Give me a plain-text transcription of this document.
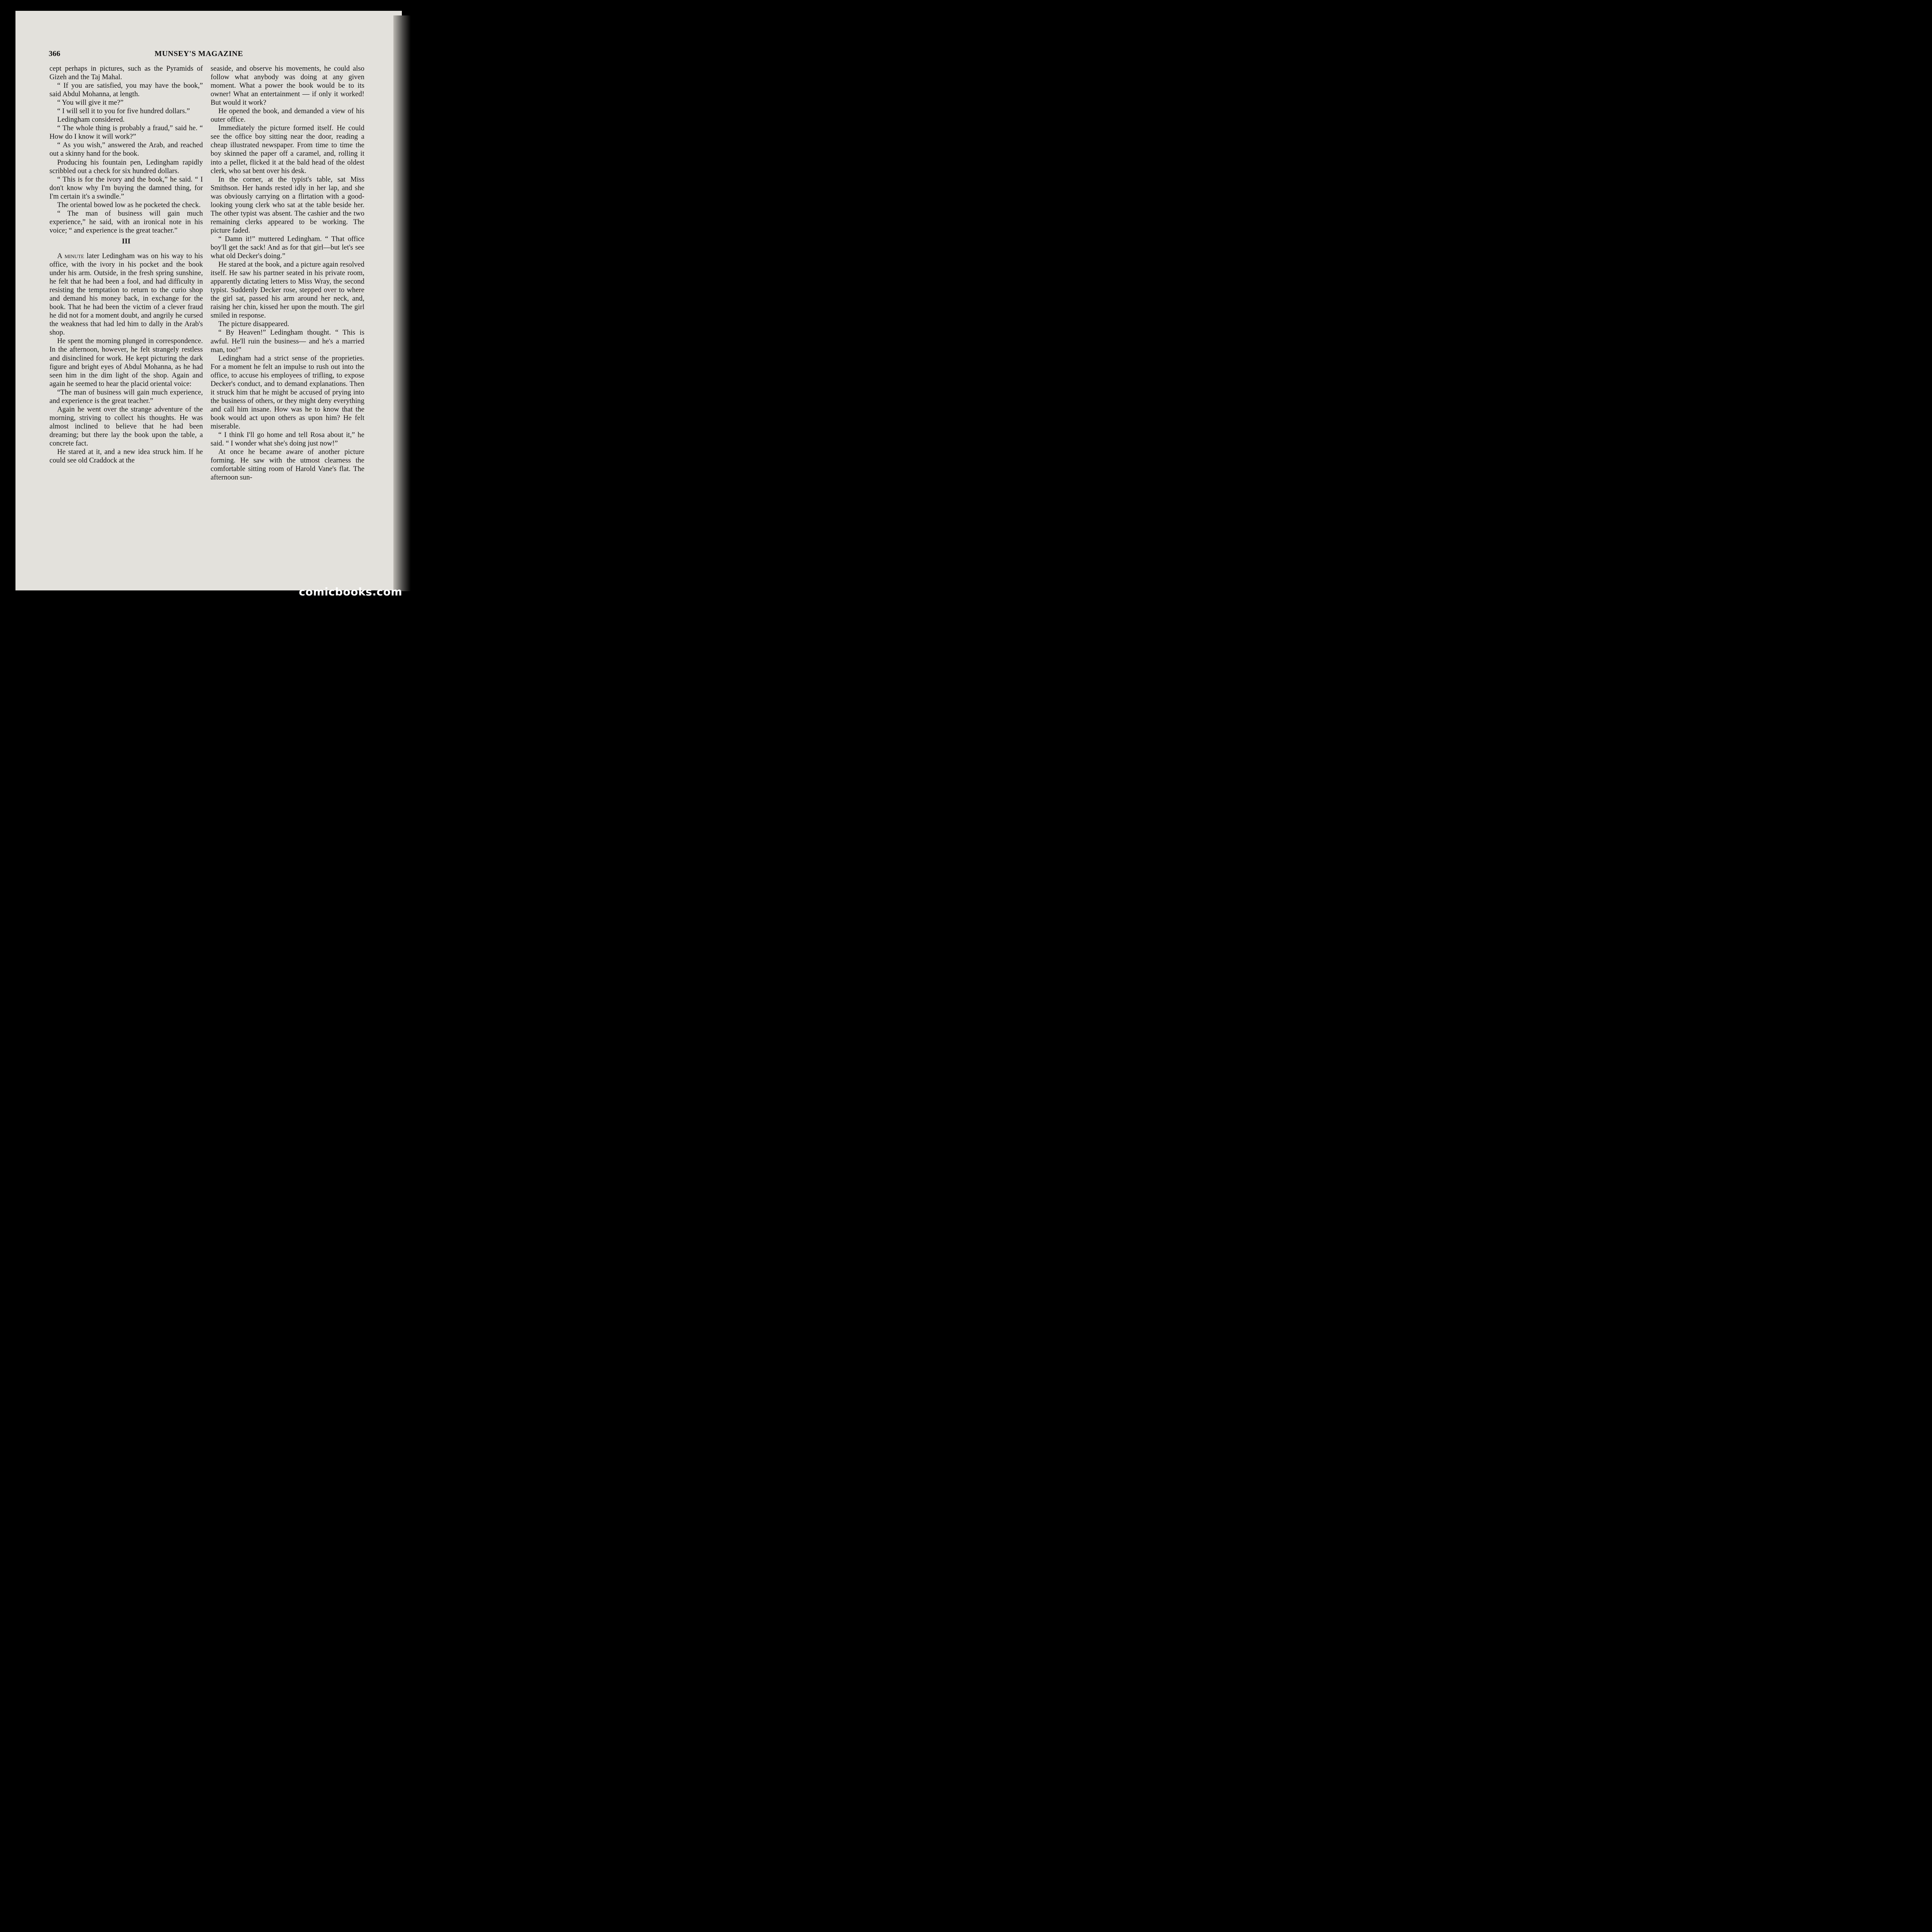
366	MUNSEY'S MAGAZINE

cept perhaps in pictures, such as the Pyramids of Gizeh and the Taj Mahal.

“ If you are satisfied, you may have the book,” said Abdul Mohanna, at length.

“ You will give it me?”

“ I will sell it to you for five hundred dollars.”

Ledingham considered.

“ The whole thing is probably a fraud,” said he. “ How do I know it will work?”

“ As you wish,” answered the Arab, and reached out a skinny hand for the book.

Producing his fountain pen, Ledingham rapidly scribbled out a check for six hundred dollars.

“ This is for the ivory and the book,” he said. “ I don't know why I'm buying the damned thing, for I'm certain it's a swindle.”

The oriental bowed low as he pocketed the check.

“ The man of business will gain much experience,” he said, with an ironical note in his voice; “ and experience is the great teacher.”

III

A minute later Ledingham was on his way to his office, with the ivory in his pocket and the book under his arm. Outside, in the fresh spring sunshine, he felt that he had been a fool, and had difficulty in resisting the temptation to return to the curio shop and demand his money back, in exchange for the book. That he had been the victim of a clever fraud he did not for a moment doubt, and angrily he cursed the weakness that had led him to dally in the Arab's shop.

He spent the morning plunged in correspondence. In the afternoon, however, he felt strangely restless and disinclined for work. He kept picturing the dark figure and bright eyes of Abdul Mohanna, as he had seen him in the dim light of the shop. Again and again he seemed to hear the placid oriental voice:

“The man of business will gain much experience, and experience is the great teacher.”

Again he went over the strange adventure of the morning, striving to collect his thoughts. He was almost inclined to believe that he had been dreaming; but there lay the book upon the table, a concrete fact.

He stared at it, and a new idea struck him. If he could see old Craddock at the

seaside, and observe his movements, he could also follow what anybody was doing at any given moment. What a power the book would be to its owner! What an entertainment — if only it worked! But would it work?

He opened the book, and demanded a view of his outer office.

Immediately the picture formed itself. He could see the office boy sitting near the door, reading a cheap illustrated newspaper. From time to time the boy skinned the paper off a caramel, and, rolling it into a pellet, flicked it at the bald head of the oldest clerk, who sat bent over his desk.

In the corner, at the typist's table, sat Miss Smithson. Her hands rested idly in her lap, and she was obviously carrying on a flirtation with a good-looking young clerk who sat at the table beside her. The other typist was absent. The cashier and the two remaining clerks appeared to be working. The picture faded.

“ Damn it!” muttered Ledingham. “ That office boy'll get the sack! And as for that girl—but let's see what old Decker's doing.”

He stared at the book, and a picture again resolved itself. He saw his partner seated in his private room, apparently dictating letters to Miss Wray, the second typist. Suddenly Decker rose, stepped over to where the girl sat, passed his arm around her neck, and, raising her chin, kissed her upon the mouth. The girl smiled in response.

The picture disappeared.

“ By Heaven!” Ledingham thought. “ This is awful. He'll ruin the business— and he's a married man, too!”

Ledingham had a strict sense of the proprieties. For a moment he felt an impulse to rush out into the office, to accuse his employees of trifling, to expose Decker's conduct, and to demand explanations. Then it struck him that he might be accused of prying into the business of others, or they might deny everything and call him insane. How was he to know that the book would act upon others as upon him? He felt miserable.

“ I think I'll go home and tell Rosa about it,” he said. “ I wonder what she's doing just now!”

At once he became aware of another picture forming. He saw with the utmost clearness the comfortable sitting room of Harold Vane's flat. The afternoon sun-

comicbooks.com
